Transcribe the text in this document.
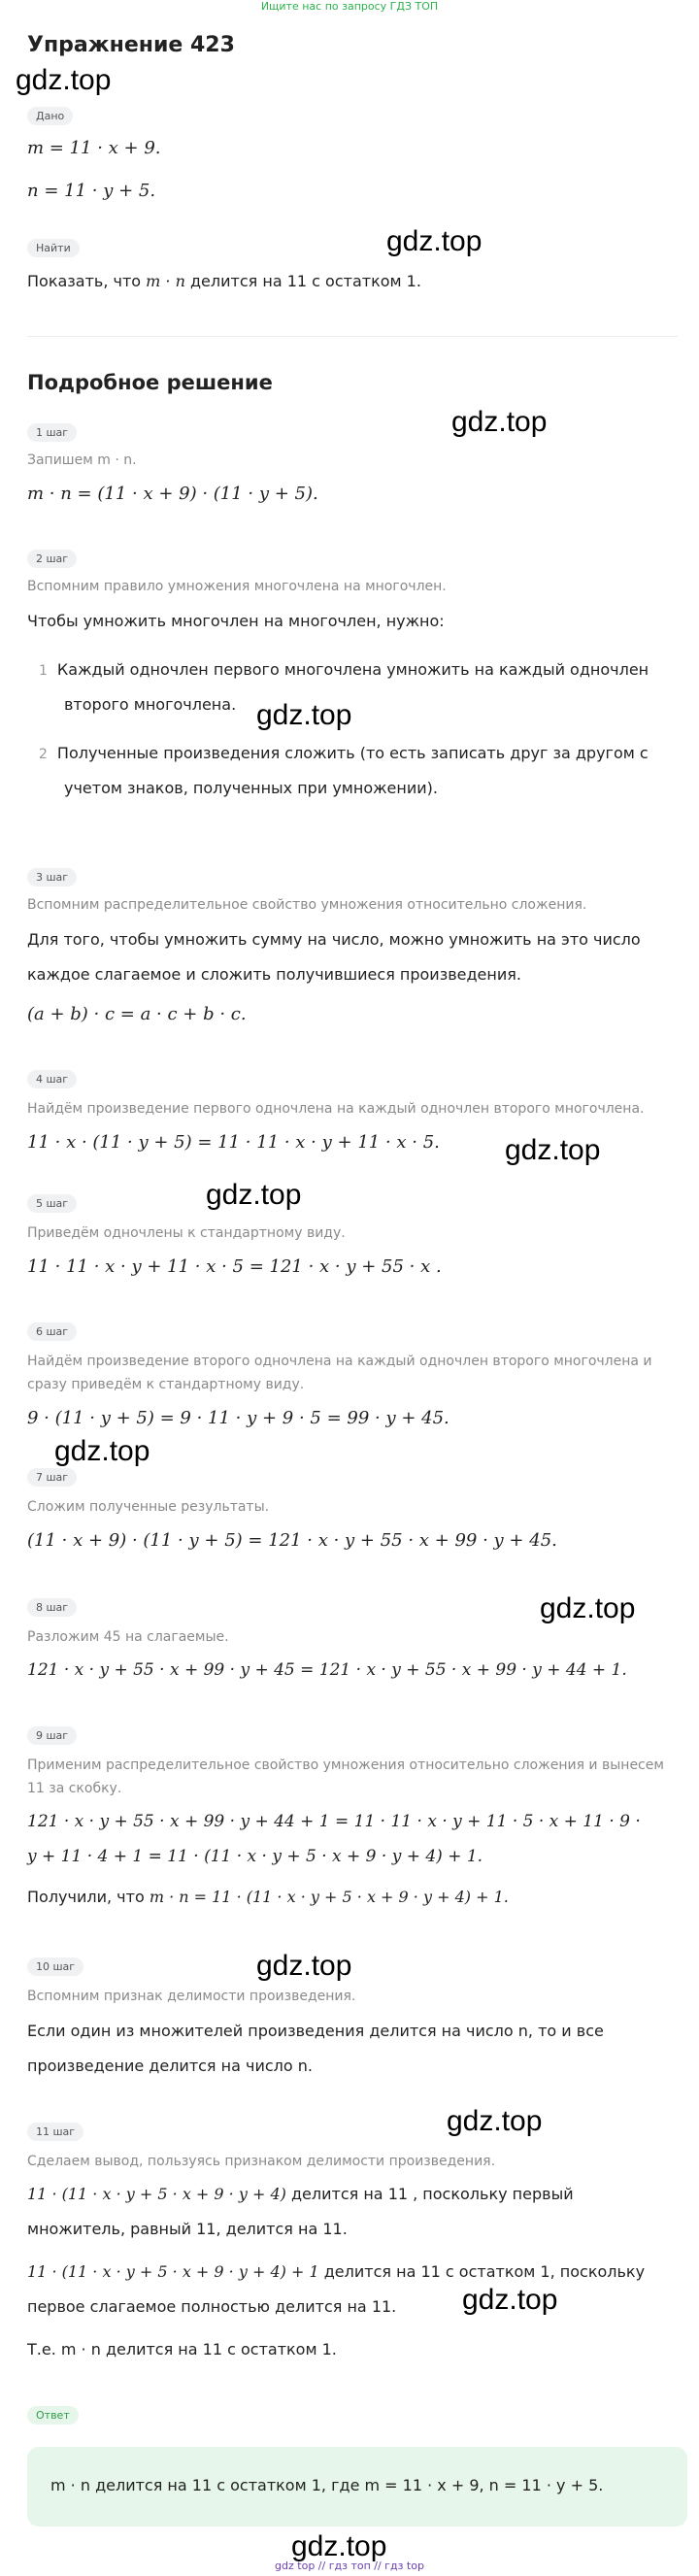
Ищите нас по запросу ГДЗ ТОП
Упражнение 423
gdz.top
gdz.top
gdz.top
gdz.top
gdz.top
gdz.top
gdz.top
gdz.top
gdz.top
gdz.top
gdz.top
gdz.top
Дано
m = 11 · x + 9.
n = 11 · y + 5.
Найти
Показать, что m · n делится на 11 с остатком 1.
Подробное решение
1 шаг
Запишем m · n.
m · n = (11 · x + 9) · (11 · y + 5).
2 шаг
Вспомним правило умножения многочлена на многочлен.
Чтобы умножить многочлен на многочлен, нужно:
1 Каждый одночлен первого многочлена умножить на каждый одночлен
второго многочлена.
2 Полученные произведения сложить (то есть записать друг за другом с
учетом знаков, полученных при умножении).
3 шаг
Вспомним распределительное свойство умножения относительно сложения.
Для того, чтобы умножить сумму на число, можно умножить на это число
каждое слагаемое и сложить получившиеся произведения.
(a + b) · c = a · c + b · c.
4 шаг
Найдём произведение первого одночлена на каждый одночлен второго многочлена.
11 · x · (11 · y + 5) = 11 · 11 · x · y + 11 · x · 5.
5 шаг
Приведём одночлены к стандартному виду.
11 · 11 · x · y + 11 · x · 5 = 121 · x · y + 55 · x .
6 шаг
Найдём произведение второго одночлена на каждый одночлен второго многочлена и
сразу приведём к стандартному виду.
9 · (11 · y + 5) = 9 · 11 · y + 9 · 5 = 99 · y + 45.
7 шаг
Сложим полученные результаты.
(11 · x + 9) · (11 · y + 5) = 121 · x · y + 55 · x + 99 · y + 45.
8 шаг
Разложим 45 на слагаемые.
121 · x · y + 55 · x + 99 · y + 45 = 121 · x · y + 55 · x + 99 · y + 44 + 1.
9 шаг
Применим распределительное свойство умножения относительно сложения и вынесем
11 за скобку.
121 · x · y + 55 · x + 99 · y + 44 + 1 = 11 · 11 · x · y + 11 · 5 · x + 11 · 9 ·
y + 11 · 4 + 1 = 11 · (11 · x · y + 5 · x + 9 · y + 4) + 1.
Получили, что m · n = 11 · (11 · x · y + 5 · x + 9 · y + 4) + 1.
10 шаг
Вспомним признак делимости произведения.
Если один из множителей произведения делится на число n, то и все
произведение делится на число n.
11 шаг
Сделаем вывод, пользуясь признаком делимости произведения.
11 · (11 · x · y + 5 · x + 9 · y + 4) делится на 11 , поскольку первый
множитель, равный 11, делится на 11.
11 · (11 · x · y + 5 · x + 9 · y + 4) + 1 делится на 11 с остатком 1, поскольку
первое слагаемое полностью делится на 11.
Т.е. m · n делится на 11 с остатком 1.
Ответ
m · n делится на 11 с остатком 1, где m = 11 · x + 9, n = 11 · y + 5.
gdz top // гдз топ // гдз top
